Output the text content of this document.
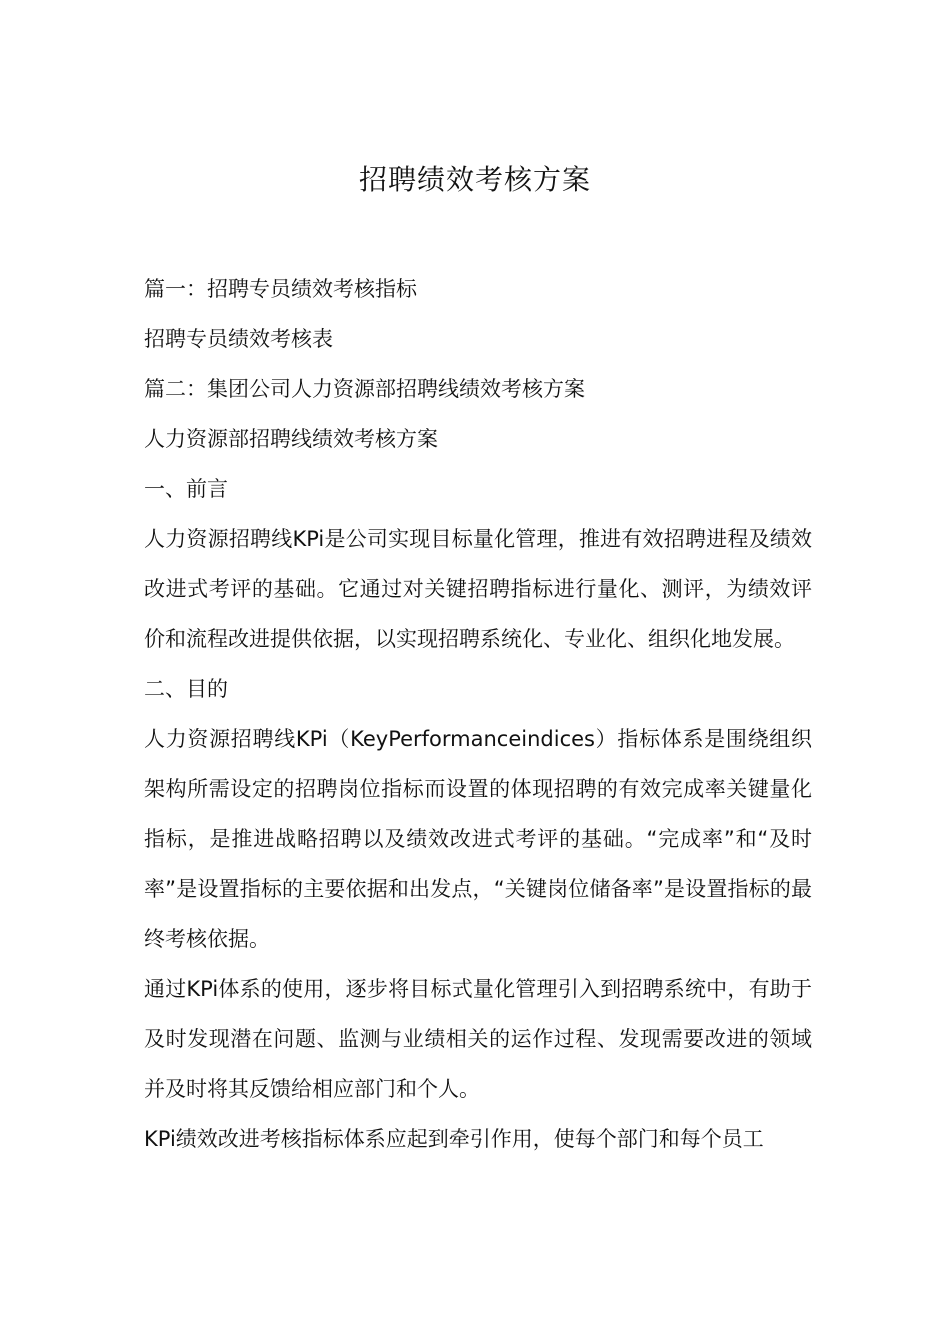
招聘绩效考核方案

篇一：招聘专员绩效考核指标

招聘专员绩效考核表

篇二：集团公司人力资源部招聘线绩效考核方案

人力资源部招聘线绩效考核方案

一、前言

人力资源招聘线KPi是公司实现目标量化管理，推进有效招聘进程及绩效改进式考评的基础。它通过对关键招聘指标进行量化、测评，为绩效评价和流程改进提供依据，以实现招聘系统化、专业化、组织化地发展。

二、目的

人力资源招聘线KPi（KeyPerformanceindices）指标体系是围绕组织架构所需设定的招聘岗位指标而设置的体现招聘的有效完成率关键量化指标，是推进战略招聘以及绩效改进式考评的基础。“完成率”和“及时率”是设置指标的主要依据和出发点，“关键岗位储备率”是设置指标的最终考核依据。

通过KPi体系的使用，逐步将目标式量化管理引入到招聘系统中，有助于及时发现潜在问题、监测与业绩相关的运作过程、发现需要改进的领域并及时将其反馈给相应部门和个人。

KPi绩效改进考核指标体系应起到牵引作用，使每个部门和每个员工
